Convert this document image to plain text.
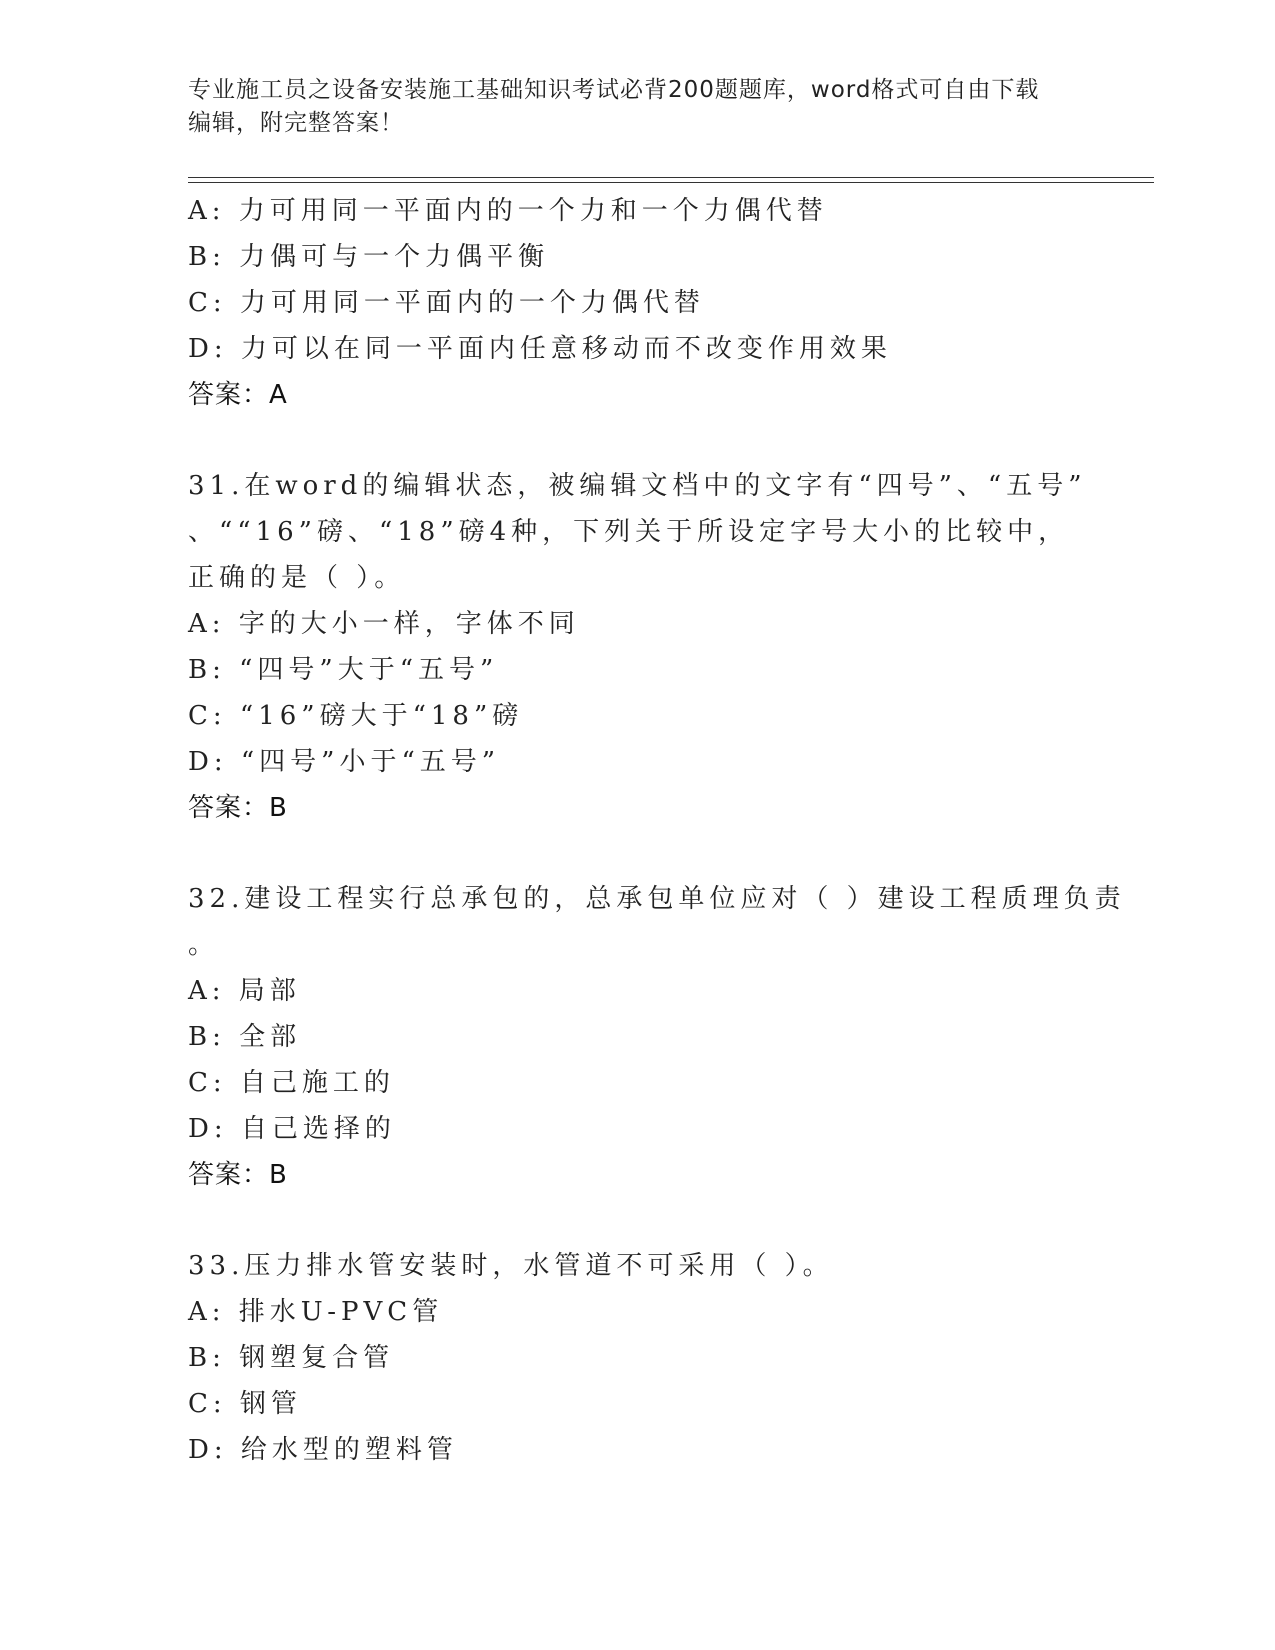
专业施工员之设备安装施工基础知识考试必背200题题库，word格式可自由下载
编辑，附完整答案！
A: 力可用同一平面内的一个力和一个力偶代替
B: 力偶可与一个力偶平衡
C: 力可用同一平面内的一个力偶代替
D: 力可以在同一平面内任意移动而不改变作用效果
答案：A
31.在word的编辑状态，被编辑文档中的文字有“四号”、“五号”
、““16”磅、“18”磅4种，下列关于所设定字号大小的比较中，
正确的是（ ）。
A: 字的大小一样，字体不同
B: “四号”大于“五号”
C: “16”磅大于“18”磅
D: “四号”小于“五号”
答案：B
32.建设工程实行总承包的，总承包单位应对（ ）建设工程质理负责
。
A: 局部
B: 全部
C: 自己施工的
D: 自己选择的
答案：B
33.压力排水管安装时，水管道不可采用（ ）。
A: 排水U-PVC管
B: 钢塑复合管
C: 钢管
D: 给水型的塑料管
